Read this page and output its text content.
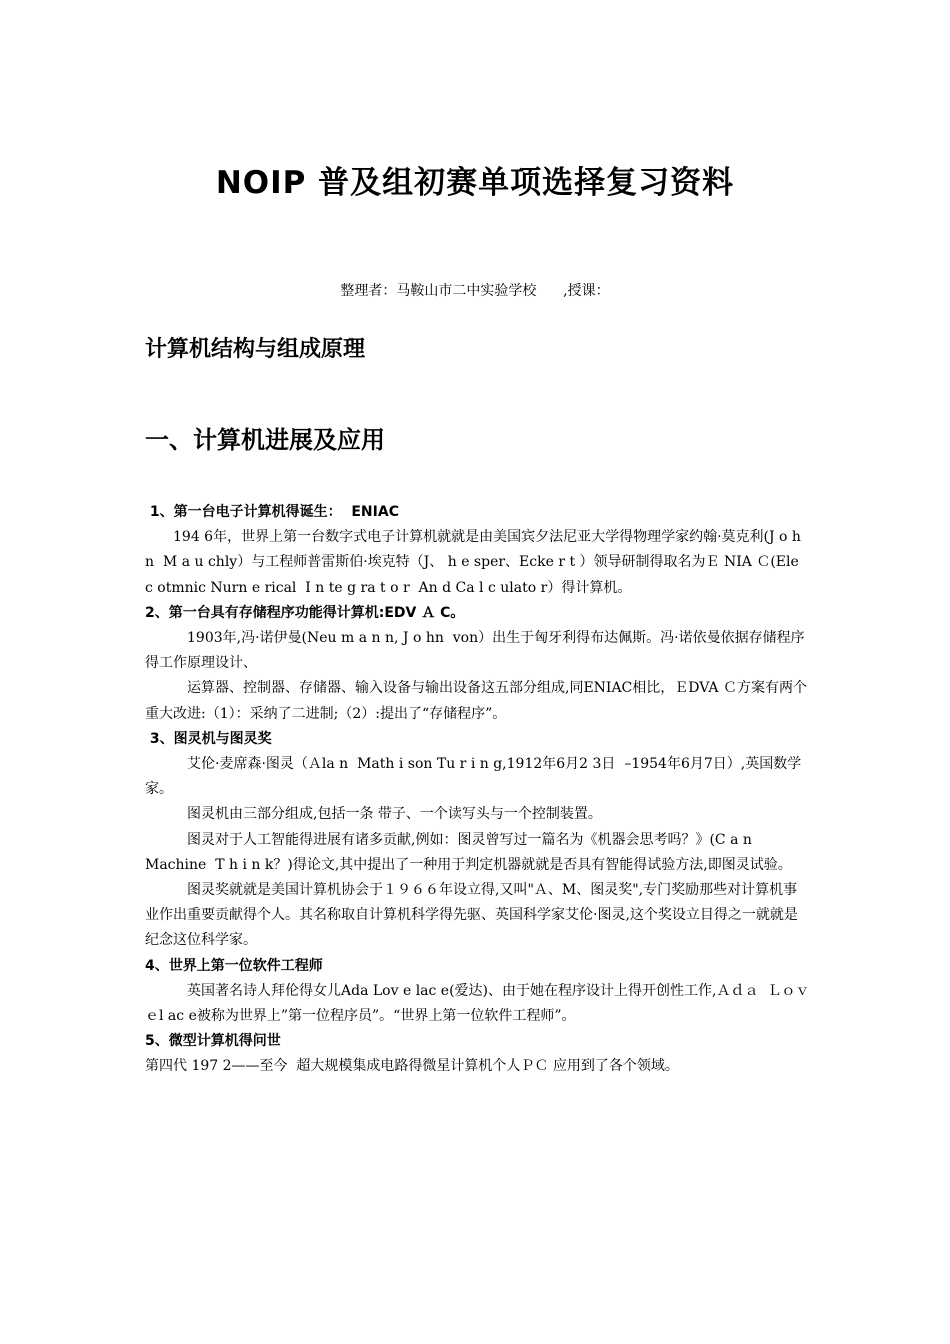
NOIP 普及组初赛单项选择复习资料
整理者：马鞍山市二中实验学校      ,授课：
计算机结构与组成原理
一、计算机进展及应用

1、第一台电子计算机得诞生：  ENIAC

194 6年，世界上第一台数字式电子计算机就就是由美国宾夕法尼亚大学得物理学家约翰·莫克利(J o h n  M a u chly）与工程师普雷斯伯·埃克特（J、 h e sper、Ecke r t ）领导研制得取名为Ｅ NIA Ｃ(Ele c otmnic Nurn e rical  I n te g ra t o r  An d Ca l c ulato r）得计算机。

2、第一台具有存储程序功能得计算机:EDV Ａ C。

1903年,冯·诺伊曼(Neu m a n n, J o hn  von）出生于匈牙利得布达佩斯。冯·诺依曼依据存储程序得工作原理设计、

运算器、控制器、存储器、输入设备与输出设备这五部分组成,同ENIAC相比，ＥDVA Ｃ方案有两个重大改进:（1）：采纳了二进制;（2）:提出了“存储程序”。

3、图灵机与图灵奖

艾伦·麦席森·图灵（Ａla n  Math i son Tu r i n g,1912年6月2 3日  –1954年6月7日）,英国数学家。

图灵机由三部分组成,包括一条 带子、一个读写头与一个控制装置。

图灵对于人工智能得进展有诸多贡献,例如：图灵曾写过一篇名为《机器会思考吗？》(C a n  Machine  T h i n k？)得论文,其中提出了一种用于判定机器就就是否具有智能得试验方法,即图灵试验。

图灵奖就就是美国计算机协会于１９６６年设立得,又叫"Ａ、M、图灵奖",专门奖励那些对计算机事业作出重要贡献得个人。其名称取自计算机科学得先驱、英国科学家艾伦·图灵,这个奖设立目得之一就就是纪念这位科学家。

4、世界上第一位软件工程师

英国著名诗人拜伦得女儿Ada Lov e lac e(爱达)、由于她在程序设计上得开创性工作,Ａｄａ  Ｌｏｖｅl ac e被称为世界上”第一位程序员”。“世界上第一位软件工程师”。

5、微型计算机得问世

第四代 197 2——至今  超大规模集成电路得微星计算机个人ＰＣ 应用到了各个领域。
